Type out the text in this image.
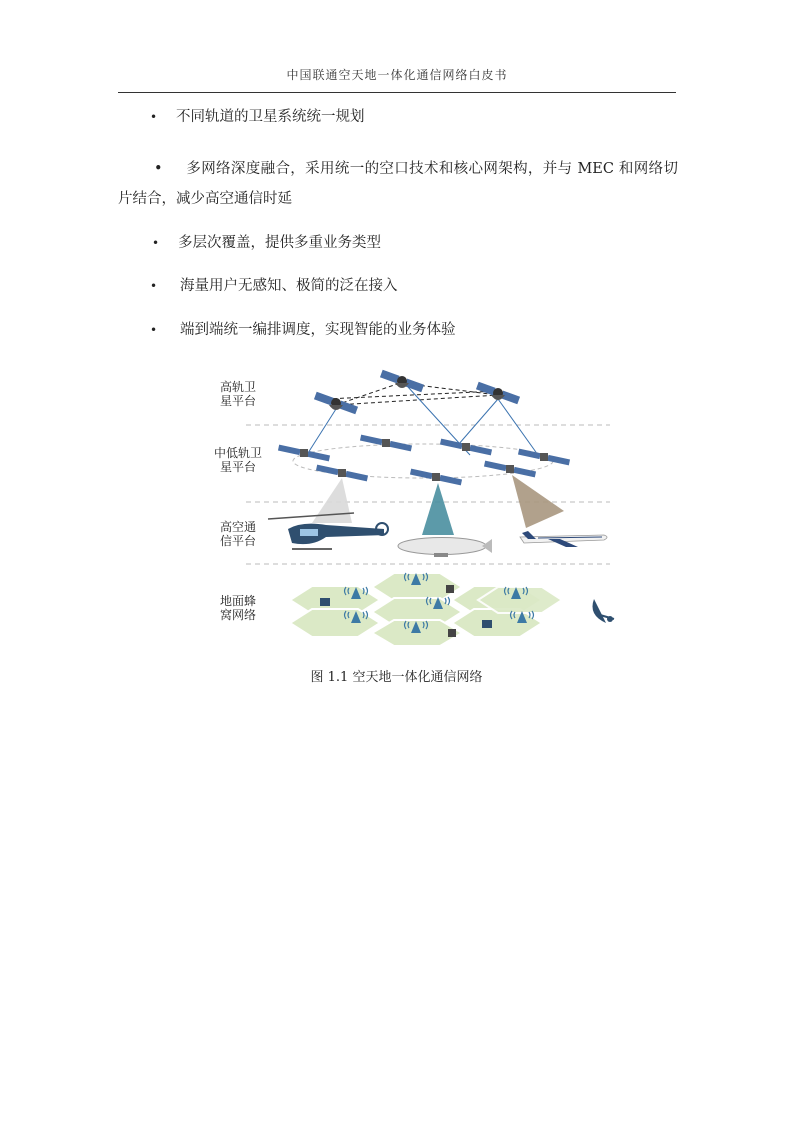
中国联通空天地一体化通信网络白皮书
• 不同轨道的卫星系统统一规划
• 多网络深度融合，采用统一的空口技术和核心网架构，并与 MEC 和网络切片结合，减少高空通信时延
• 多层次覆盖，提供多重业务类型
• 海量用户无感知、极简的泛在接入
• 端到端统一编排调度，实现智能的业务体验
高轨卫
星平台
中低轨卫
星平台
高空通
信平台
地面蜂
窝网络
图 1.1 空天地一体化通信网络
